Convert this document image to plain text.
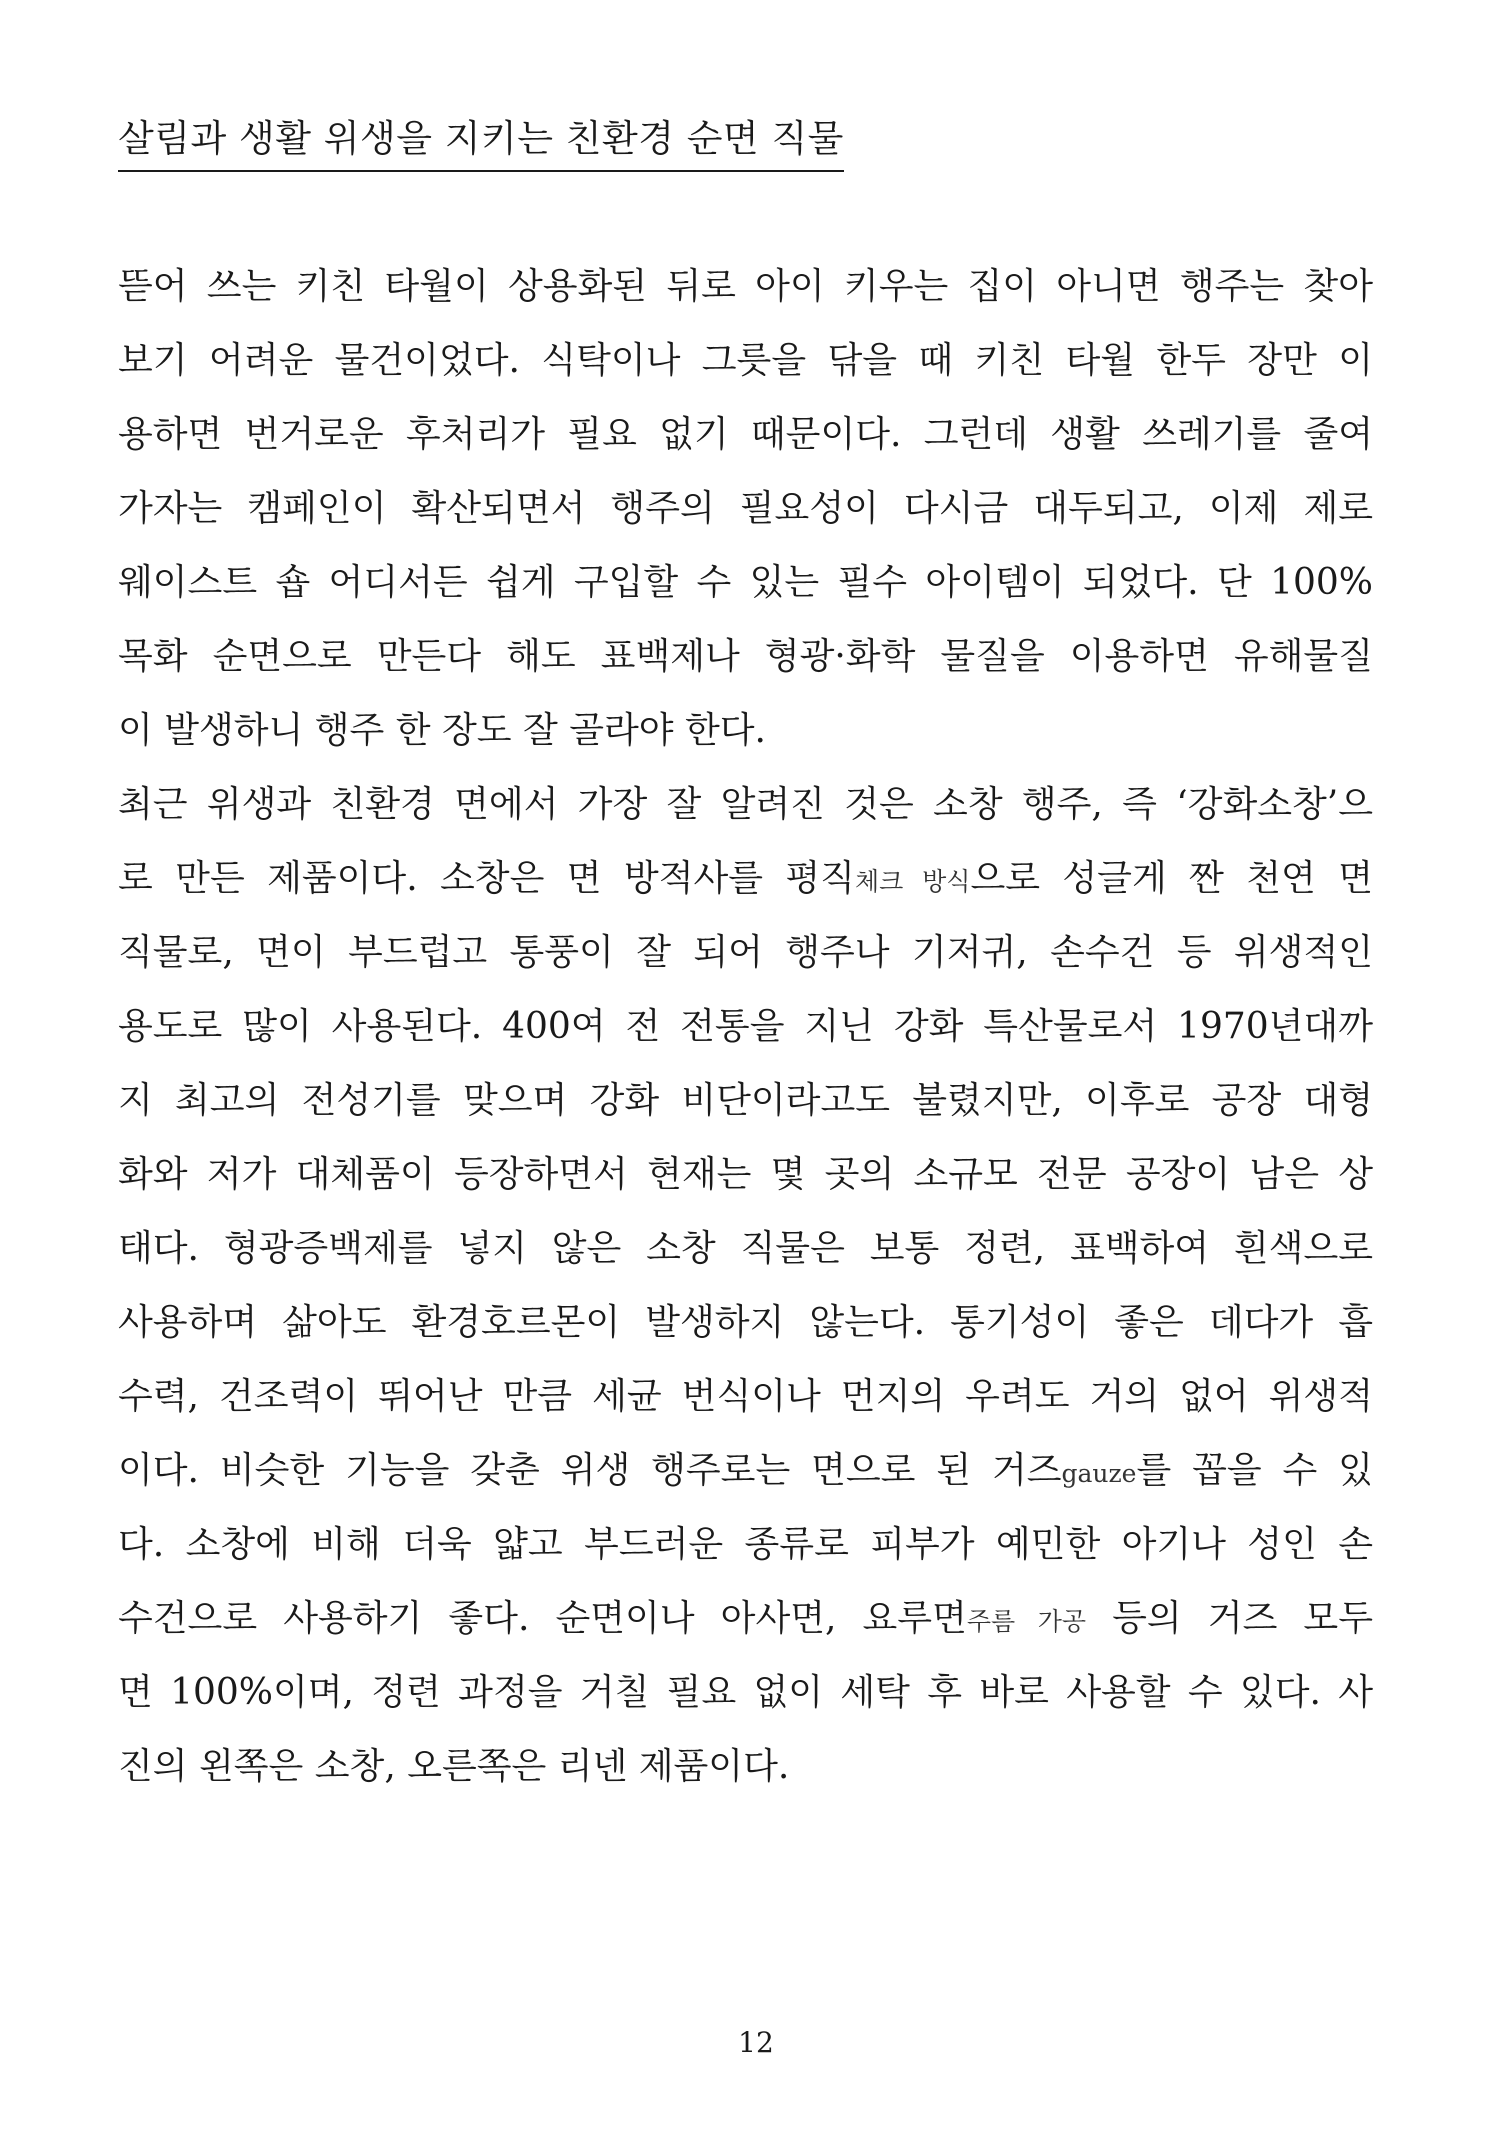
살림과 생활 위생을 지키는 친환경 순면 직물
뜯어 쓰는 키친 타월이 상용화된 뒤로 아이 키우는 집이 아니면 행주는 찾아
보기 어려운 물건이었다. 식탁이나 그릇을 닦을 때 키친 타월 한두 장만 이
용하면 번거로운 후처리가 필요 없기 때문이다. 그런데 생활 쓰레기를 줄여
가자는 캠페인이 확산되면서 행주의 필요성이 다시금 대두되고, 이제 제로
웨이스트 숍 어디서든 쉽게 구입할 수 있는 필수 아이템이 되었다. 단 100%
목화 순면으로 만든다 해도 표백제나 형광·화학 물질을 이용하면 유해물질
이 발생하니 행주 한 장도 잘 골라야 한다.
최근 위생과 친환경 면에서 가장 잘 알려진 것은 소창 행주, 즉 ‘강화소창’으
로 만든 제품이다. 소창은 면 방적사를 평직체크 방식으로 성글게 짠 천연 면
직물로, 면이 부드럽고 통풍이 잘 되어 행주나 기저귀, 손수건 등 위생적인
용도로 많이 사용된다. 400여 전 전통을 지닌 강화 특산물로서 1970년대까
지 최고의 전성기를 맞으며 강화 비단이라고도 불렸지만, 이후로 공장 대형
화와 저가 대체품이 등장하면서 현재는 몇 곳의 소규모 전문 공장이 남은 상
태다. 형광증백제를 넣지 않은 소창 직물은 보통 정련, 표백하여 흰색으로
사용하며 삶아도 환경호르몬이 발생하지 않는다. 통기성이 좋은 데다가 흡
수력, 건조력이 뛰어난 만큼 세균 번식이나 먼지의 우려도 거의 없어 위생적
이다. 비슷한 기능을 갖춘 위생 행주로는 면으로 된 거즈gauze를 꼽을 수 있
다. 소창에 비해 더욱 얇고 부드러운 종류로 피부가 예민한 아기나 성인 손
수건으로 사용하기 좋다. 순면이나 아사면, 요루면주름 가공 등의 거즈 모두
면 100%이며, 정련 과정을 거칠 필요 없이 세탁 후 바로 사용할 수 있다. 사
진의 왼쪽은 소창, 오른쪽은 리넨 제품이다.
12
